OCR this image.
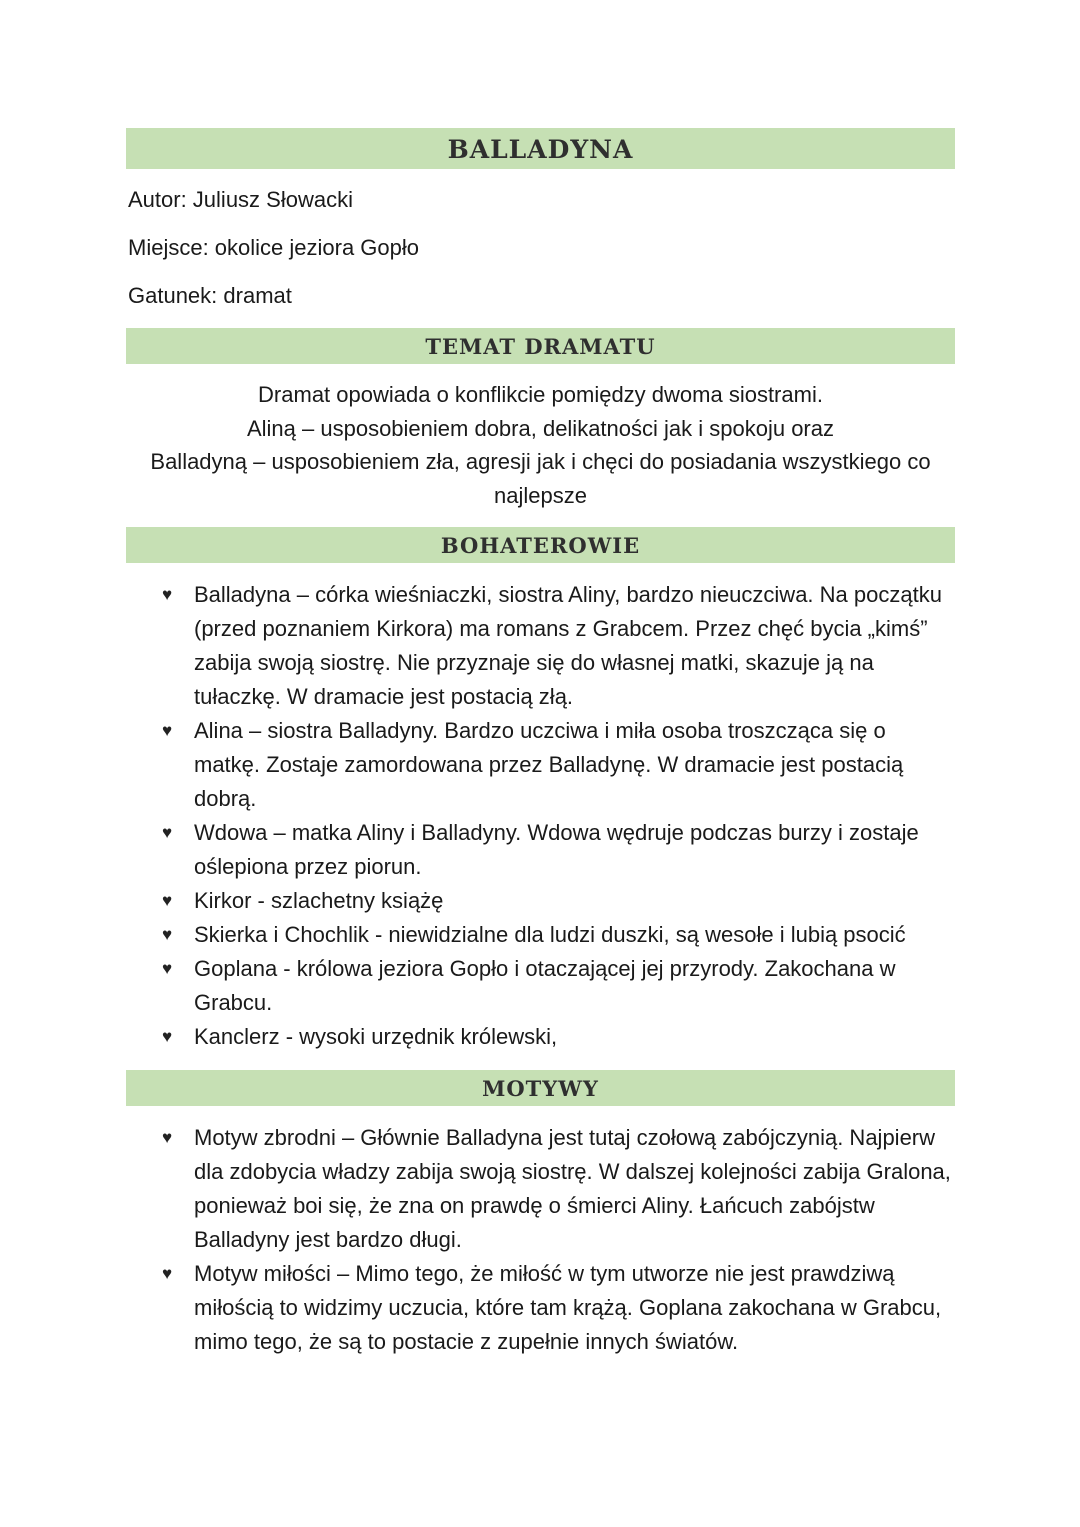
BALLADYNA
Autor: Juliusz Słowacki
Miejsce: okolice jeziora Gopło
Gatunek: dramat
TEMAT DRAMATU
Dramat opowiada o konflikcie pomiędzy dwoma siostrami.
Aliną – usposobieniem dobra, delikatności jak i spokoju oraz
Balladyną – usposobieniem zła, agresji jak i chęci do posiadania wszystkiego co
najlepsze
BOHATEROWIE
♥ Balladyna – córka wieśniaczki, siostra Aliny, bardzo nieuczciwa. Na początku (przed poznaniem Kirkora) ma romans z Grabcem. Przez chęć bycia „kimś” zabija swoją siostrę. Nie przyznaje się do własnej matki, skazuje ją na tułaczkę. W dramacie jest postacią złą.
♥ Alina – siostra Balladyny. Bardzo uczciwa i miła osoba troszcząca się o matkę. Zostaje zamordowana przez Balladynę. W dramacie jest postacią dobrą.
♥ Wdowa – matka Aliny i Balladyny. Wdowa wędruje podczas burzy i zostaje oślepiona przez piorun.
♥ Kirkor - szlachetny książę
♥ Skierka i Chochlik - niewidzialne dla ludzi duszki, są wesołe i lubią psocić
♥ Goplana - królowa jeziora Gopło i otaczającej jej przyrody. Zakochana w Grabcu.
♥ Kanclerz - wysoki urzędnik królewski,
MOTYWY
♥ Motyw zbrodni – Głównie Balladyna jest tutaj czołową zabójczynią. Najpierw dla zdobycia władzy zabija swoją siostrę. W dalszej kolejności zabija Gralona, ponieważ boi się, że zna on prawdę o śmierci Aliny. Łańcuch zabójstw Balladyny jest bardzo długi.
♥ Motyw miłości – Mimo tego, że miłość w tym utworze nie jest prawdziwą miłością to widzimy uczucia, które tam krążą. Goplana zakochana w Grabcu, mimo tego, że są to postacie z zupełnie innych światów.
